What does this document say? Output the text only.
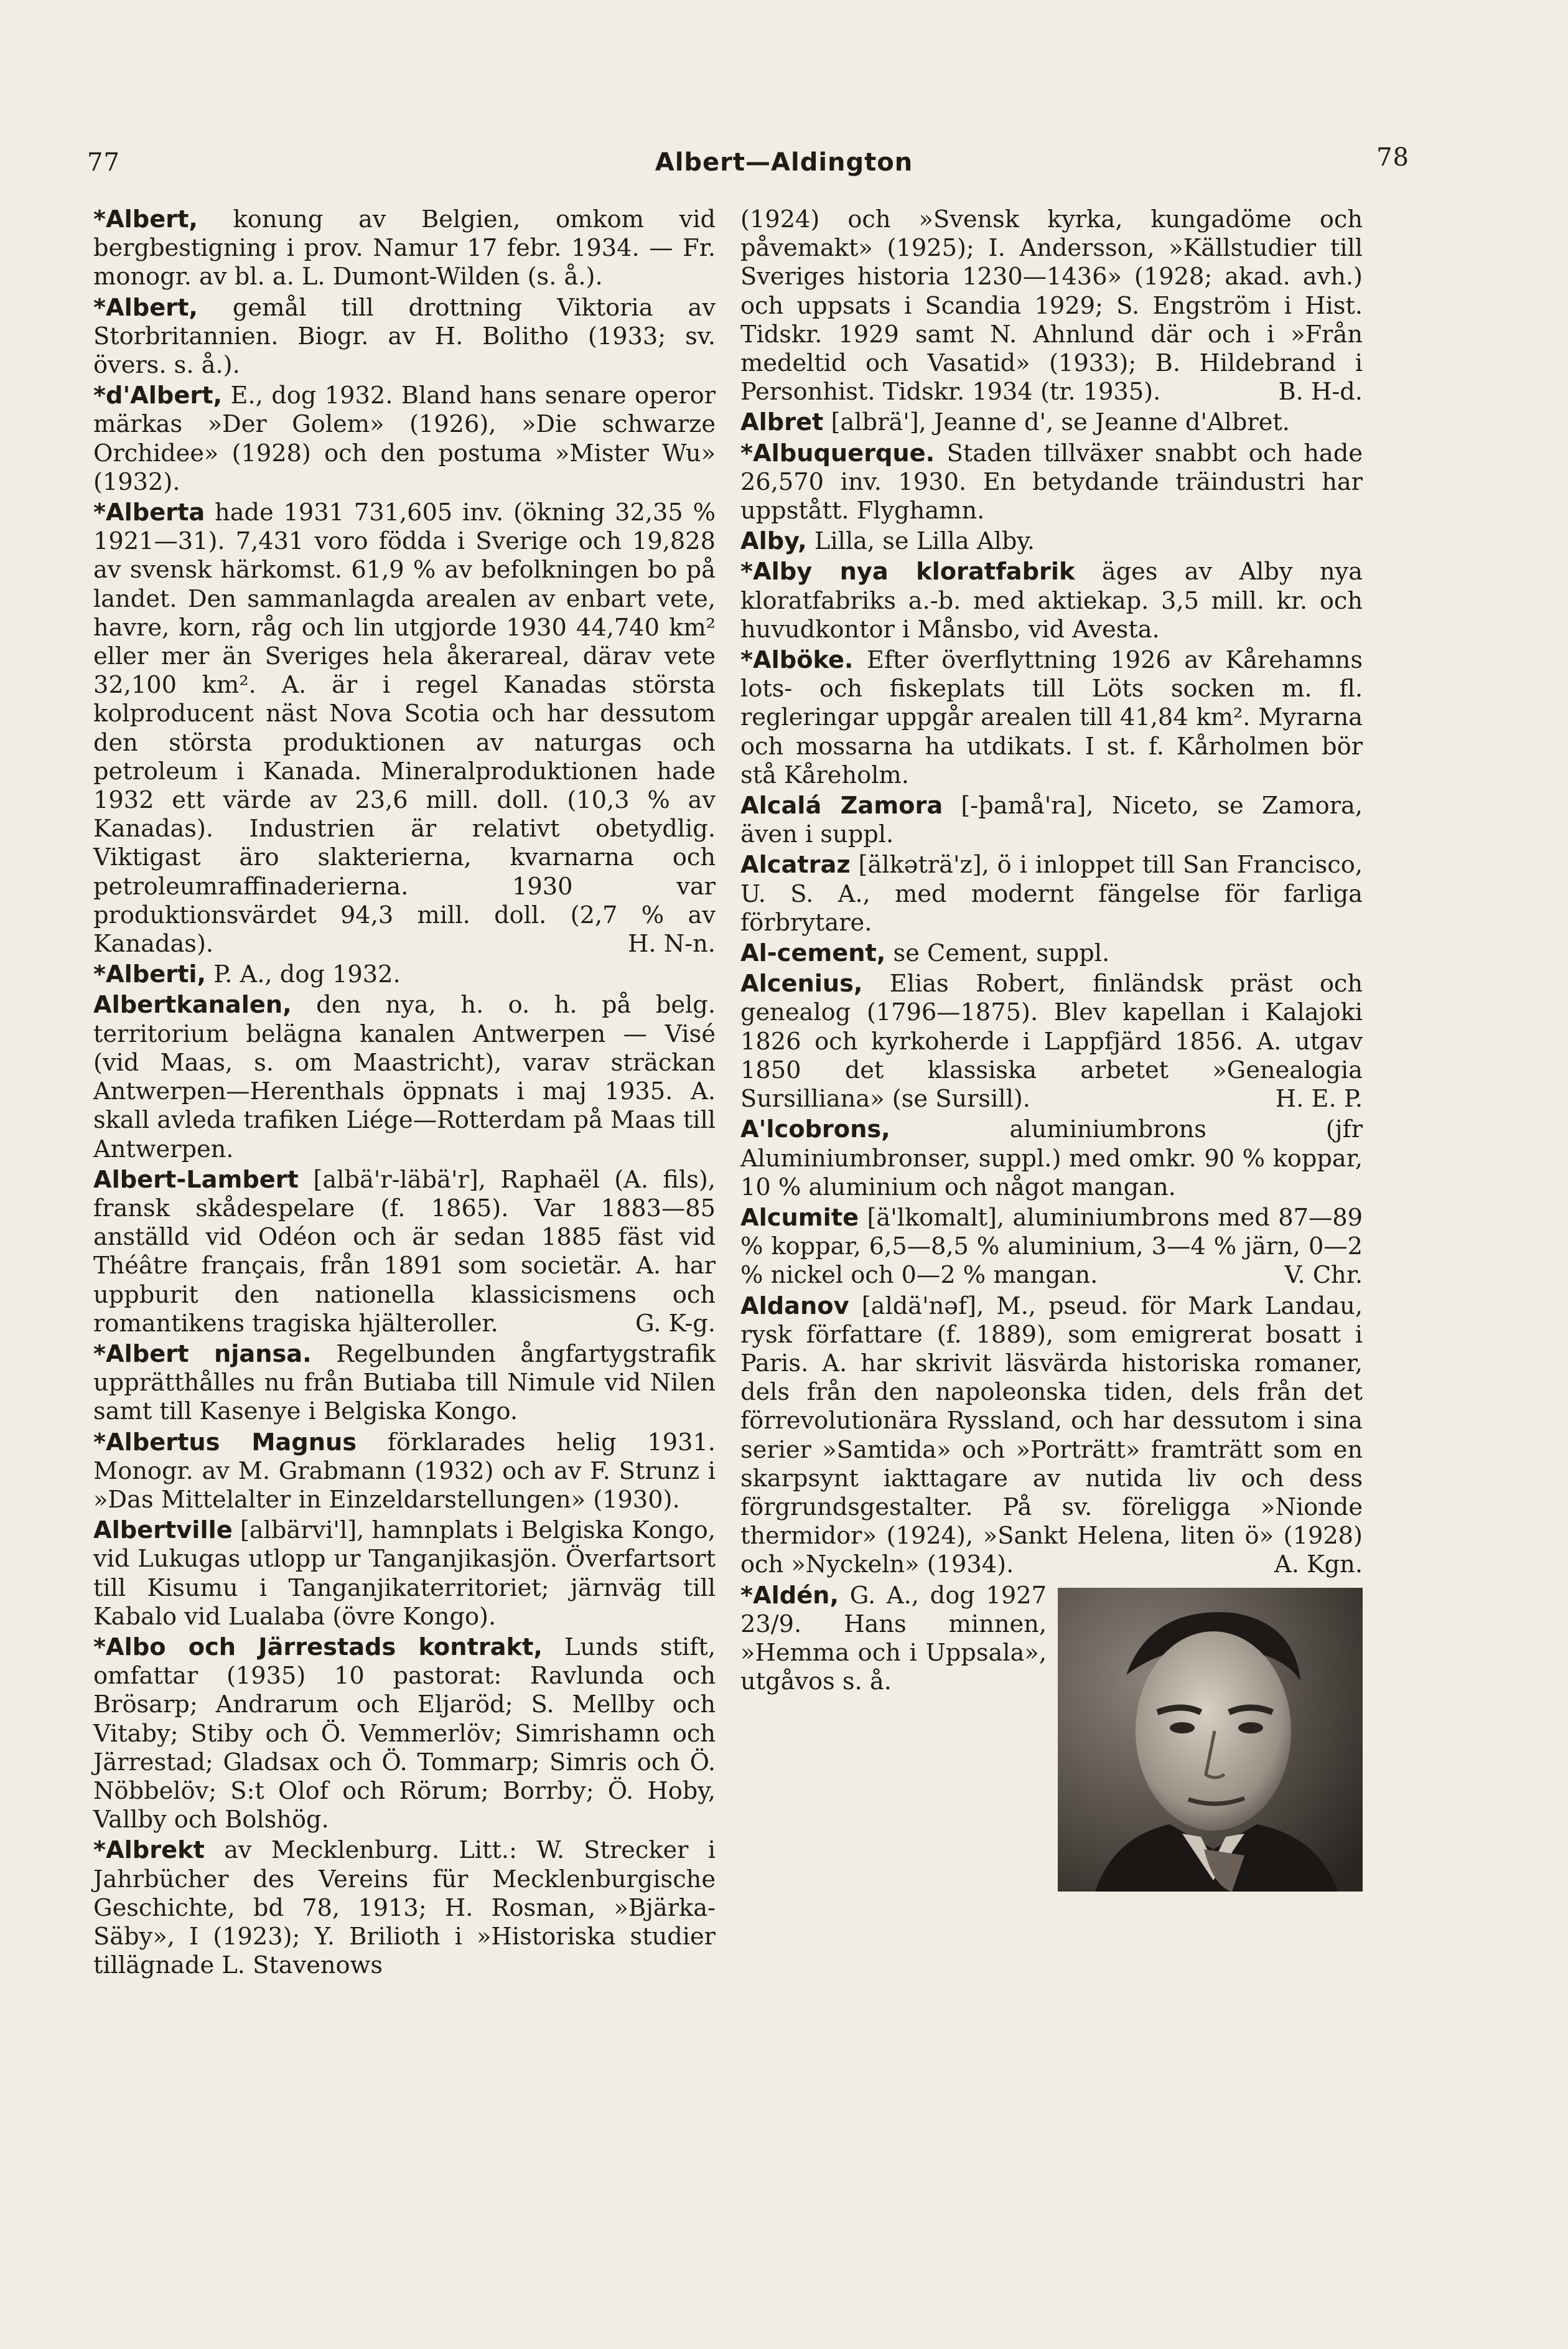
77	Albert—Aldington	78

*Albert, konung av Belgien, omkom vid bergbestigning i prov. Namur 17 febr. 1934. — Fr. monogr. av bl. a. L. Dumont-Wilden (s. å.).

*Albert, gemål till drottning Viktoria av Storbritannien. Biogr. av H. Bolitho (1933; sv. övers. s. å.).

*d'Albert, E., dog 1932. Bland hans senare operor märkas »Der Golem» (1926), »Die schwarze Orchidee» (1928) och den postuma »Mister Wu» (1932).

*Alberta hade 1931 731,605 inv. (ökning 32,35 % 1921—31). 7,431 voro födda i Sverige och 19,828 av svensk härkomst. 61,9 % av befolkningen bo på landet. Den sammanlagda arealen av enbart vete, havre, korn, råg och lin utgjorde 1930 44,740 km² eller mer än Sveriges hela åkerareal, därav vete 32,100 km². A. är i regel Kanadas största kolproducent näst Nova Scotia och har dessutom den största produktionen av naturgas och petroleum i Kanada. Mineralproduktionen hade 1932 ett värde av 23,6 mill. doll. (10,3 % av Kanadas). Industrien är relativt obetydlig. Viktigast äro slakterierna, kvarnarna och petroleumraffinaderierna. 1930 var produktionsvärdet 94,3 mill. doll. (2,7 % av Kanadas).	H. N-n.

*Alberti, P. A., dog 1932.

Albertkanalen, den nya, h. o. h. på belg. territorium belägna kanalen Antwerpen — Visé (vid Maas, s. om Maastricht), varav sträckan Antwerpen—Herenthals öppnats i maj 1935. A. skall avleda trafiken Liége—Rotterdam på Maas till Antwerpen.

Albert-Lambert [albä'r-läbä'r], Raphaël (A. fils), fransk skådespelare (f. 1865). Var 1883—85 anställd vid Odéon och är sedan 1885 fäst vid Théâtre français, från 1891 som societär. A. har uppburit den nationella klassicismens och romantikens tragiska hjälteroller.	G. K-g.

*Albert njansa. Regelbunden ångfartygstrafik upprätthålles nu från Butiaba till Nimule vid Nilen samt till Kasenye i Belgiska Kongo.

*Albertus Magnus förklarades helig 1931. Monogr. av M. Grabmann (1932) och av F. Strunz i »Das Mittelalter in Einzeldarstellungen» (1930).

Albertville [albärvi'l], hamnplats i Belgiska Kongo, vid Lukugas utlopp ur Tanganjikasjön. Överfartsort till Kisumu i Tanganjikaterritoriet; järnväg till Kabalo vid Lualaba (övre Kongo).

*Albo och Järrestads kontrakt, Lunds stift, omfattar (1935) 10 pastorat: Ravlunda och Brösarp; Andrarum och Eljaröd; S. Mellby och Vitaby; Stiby och Ö. Vemmerlöv; Simrishamn och Järrestad; Gladsax och Ö. Tommarp; Simris och Ö. Nöbbelöv; S:t Olof och Rörum; Borrby; Ö. Hoby, Vallby och Bolshög.

*Albrekt av Mecklenburg. Litt.: W. Strecker i Jahrbücher des Vereins für Mecklenburgische Geschichte, bd 78, 1913; H. Rosman, »Bjärka-Säby», I (1923); Y. Brilioth i »Historiska studier tillägnade L. Stavenows

(1924) och »Svensk kyrka, kungadöme och påvemakt» (1925); I. Andersson, »Källstudier till Sveriges historia 1230—1436» (1928; akad. avh.) och uppsats i Scandia 1929; S. Engström i Hist. Tidskr. 1929 samt N. Ahnlund där och i »Från medeltid och Vasatid» (1933); B. Hildebrand i Personhist. Tidskr. 1934 (tr. 1935).	B. H-d.

Albret [albrä'], Jeanne d', se Jeanne d'Albret.

*Albuquerque. Staden tillväxer snabbt och hade 26,570 inv. 1930. En betydande träindustri har uppstått. Flyghamn.

Alby, Lilla, se Lilla Alby.

*Alby nya kloratfabrik äges av Alby nya kloratfabriks a.-b. med aktiekap. 3,5 mill. kr. och huvudkontor i Månsbo, vid Avesta.

*Alböke. Efter överflyttning 1926 av Kårehamns lots- och fiskeplats till Löts socken m. fl. regleringar uppgår arealen till 41,84 km². Myrarna och mossarna ha utdikats. I st. f. Kårholmen bör stå Kåreholm.

Alcalá Zamora [-þamå'ra], Niceto, se Zamora, även i suppl.

Alcatraz [älkəträ'z], ö i inloppet till San Francisco, U. S. A., med modernt fängelse för farliga förbrytare.

Al-cement, se Cement, suppl.

Alcenius, Elias Robert, finländsk präst och genealog (1796—1875). Blev kapellan i Kalajoki 1826 och kyrkoherde i Lappfjärd 1856. A. utgav 1850 det klassiska arbetet »Genealogia Sursilliana» (se Sursill).	H. E. P.

A'lcobrons, aluminiumbrons (jfr Aluminiumbronser, suppl.) med omkr. 90 % koppar, 10 % aluminium och något mangan.

Alcumite [ä'lkomalt], aluminiumbrons med 87—89 % koppar, 6,5—8,5 % aluminium, 3—4 % järn, 0—2 % nickel och 0—2 % mangan.	V. Chr.

Aldanov [aldä'nəf], M., pseud. för Mark Landau, rysk författare (f. 1889), som emigrerat bosatt i Paris. A. har skrivit läsvärda historiska romaner, dels från den napoleonska tiden, dels från det förrevolutionära Ryssland, och har dessutom i sina serier »Samtida» och »Porträtt» framträtt som en skarpsynt iakttagare av nutida liv och dess förgrundsgestalter. På sv. föreligga »Nionde thermidor» (1924), »Sankt Helena, liten ö» (1928) och »Nyckeln» (1934).	A. Kgn.

*Aldén, G. A., dog 1927 23/9. Hans minnen, »Hemma och i Uppsala», utgåvos s. å.
